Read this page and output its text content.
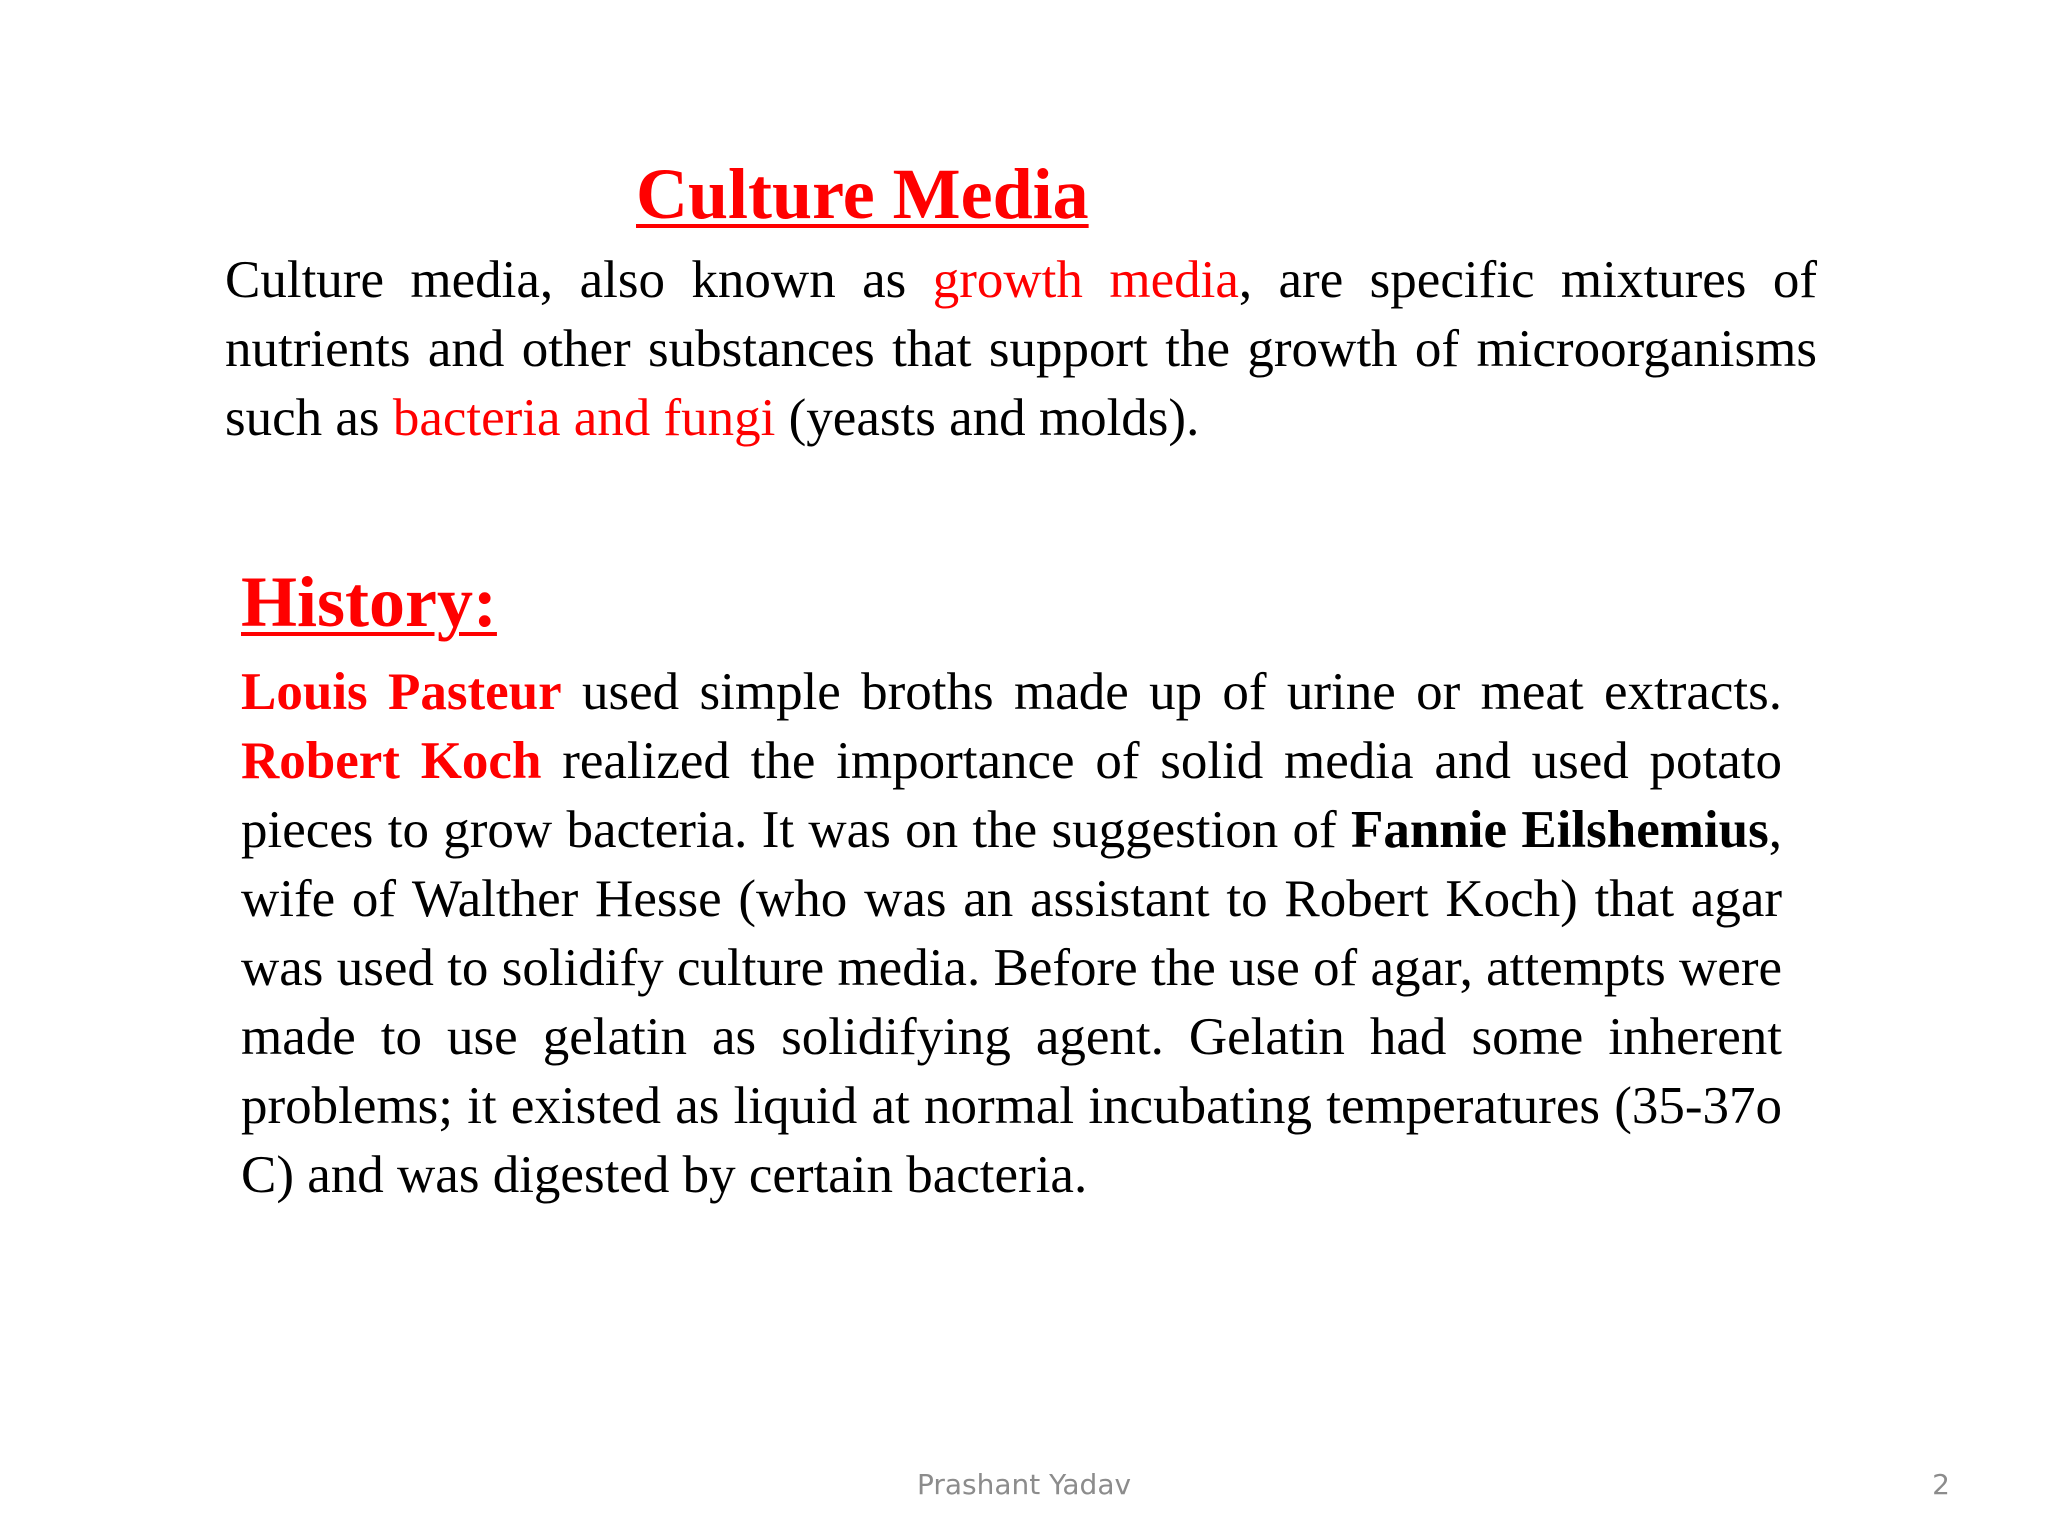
Culture Media

Culture media, also known as growth media, are specific mixtures of nutrients and other substances that support the growth of microorganisms such as bacteria and fungi (yeasts and molds).

History:

Louis Pasteur used simple broths made up of urine or meat extracts. Robert Koch realized the importance of solid media and used potato pieces to grow bacteria. It was on the suggestion of Fannie Eilshemius, wife of Walther Hesse (who was an assistant to Robert Koch) that agar was used to solidify culture media. Before the use of agar, attempts were made to use gelatin as solidifying agent. Gelatin had some inherent problems; it existed as liquid at normal incubating temperatures (35-37o C) and was digested by certain bacteria.

Prashant Yadav	2
